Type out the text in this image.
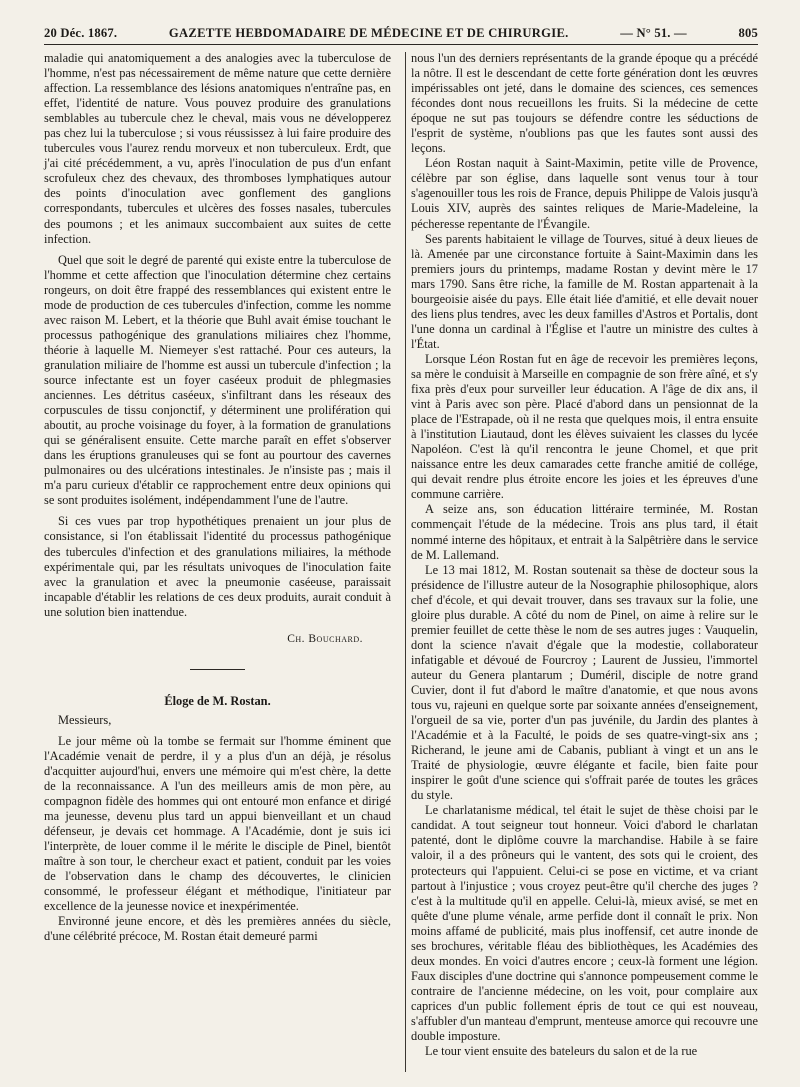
20 Déc. 1867.	GAZETTE HEBDOMADAIRE DE MÉDECINE ET DE CHIRURGIE.	— N° 51. —	805

maladie qui anatomiquement a des analogies avec la tuberculose de l'homme, n'est pas nécessairement de même nature que cette dernière affection. La ressemblance des lésions anatomiques n'entraîne pas, en effet, l'identité de nature. Vous pouvez produire des granulations semblables au tubercule chez le cheval, mais vous ne développerez pas chez lui la tuberculose ; si vous réussissez à lui faire produire des tubercules vous l'aurez rendu morveux et non tuberculeux. Erdt, que j'ai cité précédemment, a vu, après l'inoculation de pus d'un enfant scrofuleux chez des chevaux, des thromboses lymphatiques autour des points d'inoculation avec gonflement des ganglions correspondants, tubercules et ulcères des fosses nasales, tubercules des poumons ; et les animaux succombaient aux suites de cette infection.

Quel que soit le degré de parenté qui existe entre la tuberculose de l'homme et cette affection que l'inoculation détermine chez certains rongeurs, on doit être frappé des ressemblances qui existent entre le mode de production de ces tubercules d'infection, comme les nomme avec raison M. Lebert, et la théorie que Buhl avait émise touchant le processus pathogénique des granulations miliaires chez l'homme, théorie à laquelle M. Niemeyer s'est rattaché. Pour ces auteurs, la granulation miliaire de l'homme est aussi un tubercule d'infection ; la source infectante est un foyer caséeux produit de phlegmasies anciennes. Les détritus caséeux, s'infiltrant dans les réseaux des corpuscules de tissu conjonctif, y déterminent une prolifération qui aboutit, au proche voisinage du foyer, à la formation de granulations qui se généralisent ensuite. Cette marche paraît en effet s'observer dans les éruptions granuleuses qui se font au pourtour des cavernes pulmonaires ou des ulcérations intestinales. Je n'insiste pas ; mais il m'a paru curieux d'établir ce rapprochement entre deux opinions qui se sont produites isolément, indépendamment l'une de l'autre.

Si ces vues par trop hypothétiques prenaient un jour plus de consistance, si l'on établissait l'identité du processus pathogénique des tubercules d'infection et des granulations miliaires, la méthode expérimentale qui, par les résultats univoques de l'inoculation faite avec la granulation et avec la pneumonie caséeuse, paraissait incapable d'établir les relations de ces deux produits, aurait conduit à une solution bien inattendue.

Ch. Bouchard.
Éloge de M. Rostan.

Messieurs,

Le jour même où la tombe se fermait sur l'homme éminent que l'Académie venait de perdre, il y a plus d'un an déjà, je résolus d'acquitter aujourd'hui, envers une mémoire qui m'est chère, la dette de la reconnaissance. A l'un des meilleurs amis de mon père, au compagnon fidèle des hommes qui ont entouré mon enfance et dirigé ma jeunesse, devenu plus tard un appui bienveillant et un chaud défenseur, je devais cet hommage. A l'Académie, dont je suis ici l'interprète, de louer comme il le mérite le disciple de Pinel, bientôt maître à son tour, le chercheur exact et patient, conduit par les voies de l'observation dans le champ des découvertes, le clinicien consommé, le professeur élégant et méthodique, l'initiateur par excellence de la jeunesse novice et inexpérimentée.

Environné jeune encore, et dès les premières années du siècle, d'une célébrité précoce, M. Rostan était demeuré parmi

nous l'un des derniers représentants de la grande époque qu a précédé la nôtre. Il est le descendant de cette forte génération dont les œuvres impérissables ont jeté, dans le domaine des sciences, ces semences fécondes dont nous recueillons les fruits. Si la médecine de cette époque ne sut pas toujours se défendre contre les séductions de l'esprit de système, n'oublions pas que les fautes sont aussi des leçons.

Léon Rostan naquit à Saint-Maximin, petite ville de Provence, célèbre par son église, dans laquelle sont venus tour à tour s'agenouiller tous les rois de France, depuis Philippe de Valois jusqu'à Louis XIV, auprès des saintes reliques de Marie-Madeleine, la pécheresse repentante de l'Évangile.

Ses parents habitaient le village de Tourves, situé à deux lieues de là. Amenée par une circonstance fortuite à Saint-Maximin dans les premiers jours du printemps, madame Rostan y devint mère le 17 mars 1790. Sans être riche, la famille de M. Rostan appartenait à la bourgeoisie aisée du pays. Elle était liée d'amitié, et elle devait nouer des liens plus tendres, avec les deux familles d'Astros et Portalis, dont l'une donna un cardinal à l'Église et l'autre un ministre des cultes à l'État.

Lorsque Léon Rostan fut en âge de recevoir les premières leçons, sa mère le conduisit à Marseille en compagnie de son frère aîné, et s'y fixa près d'eux pour surveiller leur éducation. A l'âge de dix ans, il vint à Paris avec son père. Placé d'abord dans un pensionnat de la place de l'Estrapade, où il ne resta que quelques mois, il entra ensuite à l'institution Liautaud, dont les élèves suivaient les classes du lycée Napoléon. C'est là qu'il rencontra le jeune Chomel, et que prit naissance entre les deux camarades cette franche amitié de collége, qui devait rendre plus étroite encore les joies et les épreuves d'une commune carrière.

A seize ans, son éducation littéraire terminée, M. Rostan commençait l'étude de la médecine. Trois ans plus tard, il était nommé interne des hôpitaux, et entrait à la Salpêtrière dans le service de M. Lallemand.

Le 13 mai 1812, M. Rostan soutenait sa thèse de docteur sous la présidence de l'illustre auteur de la Nosographie philosophique, alors chef d'école, et qui devait trouver, dans ses travaux sur la folie, une gloire plus durable. A côté du nom de Pinel, on aime à relire sur le premier feuillet de cette thèse le nom de ses autres juges : Vauquelin, dont la science n'avait d'égale que la modestie, collaborateur infatigable et dévoué de Fourcroy ; Laurent de Jussieu, l'immortel auteur du Genera plantarum ; Duméril, disciple de notre grand Cuvier, dont il fut d'abord le maître d'anatomie, et que nous avons tous vu, rajeuni en quelque sorte par soixante années d'enseignement, l'orgueil de sa vie, porter d'un pas juvénile, du Jardin des plantes à l'Académie et à la Faculté, le poids de ses quatre-vingt-six ans ; Richerand, le jeune ami de Cabanis, publiant à vingt et un ans le Traité de physiologie, œuvre élégante et facile, bien faite pour inspirer le goût d'une science qui s'offrait parée de toutes les grâces du style.

Le charlatanisme médical, tel était le sujet de thèse choisi par le candidat. A tout seigneur tout honneur. Voici d'abord le charlatan patenté, dont le diplôme couvre la marchandise. Habile à se faire valoir, il a des prôneurs qui le vantent, des sots qui le croient, des protecteurs qui l'appuient. Celui-ci se pose en victime, et va criant partout à l'injustice ; vous croyez peut-être qu'il cherche des juges ? c'est à la multitude qu'il en appelle. Celui-là, mieux avisé, se met en quête d'une plume vénale, arme perfide dont il connaît le prix. Non moins affamé de publicité, mais plus inoffensif, cet autre inonde de ses brochures, véritable fléau des bibliothèques, les Académies des deux mondes. En voici d'autres encore ; ceux-là forment une légion. Faux disciples d'une doctrine qui s'annonce pompeusement comme le contraire de l'ancienne médecine, on les voit, pour complaire aux caprices d'un public follement épris de tout ce qui est nouveau, s'affubler d'un manteau d'emprunt, menteuse amorce qui recouvre une double imposture.

Le tour vient ensuite des bateleurs du salon et de la rue
